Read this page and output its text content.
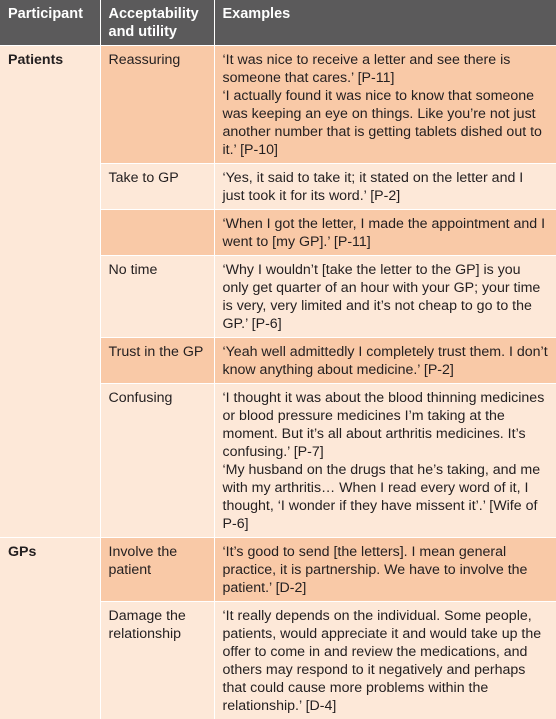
Participant	Acceptability and utility	Examples
Patients	Reassuring	‘It was nice to receive a letter and see there is someone that cares.’ [P-11]
‘I actually found it was nice to know that someone was keeping an eye on things. Like you’re not just another number that is getting tablets dished out to it.’ [P-10]

	Take to GP	‘Yes, it said to take it; it stated on the letter and I just took it for its word.’ [P-2]

		‘When I got the letter, I made the appointment and I went to [my GP].’ [P-11]

	No time	‘Why I wouldn’t [take the letter to the GP] is you only get quarter of an hour with your GP; your time is very, very limited and it’s not cheap to go to the GP.’ [P-6]

	Trust in the GP	‘Yeah well admittedly I completely trust them. I don’t know anything about medicine.’ [P-2]

	Confusing	‘I thought it was about the blood thinning medicines or blood pressure medicines I’m taking at the moment. But it’s all about arthritis medicines. It’s confusing.’ [P-7]
‘My husband on the drugs that he’s taking, and me with my arthritis… When I read every word of it, I thought, ‘I wonder if they have missent it’.’ [Wife of P-6]

GPs	Involve the patient	‘It’s good to send [the letters]. I mean general practice, it is partnership. We have to involve the patient.’ [D-2]

	Damage the relationship	‘It really depends on the individual. Some people, patients, would appreciate it and would take up the offer to come in and review the medications, and others may respond to it negatively and perhaps that could cause more problems within the relationship.’ [D-4]
